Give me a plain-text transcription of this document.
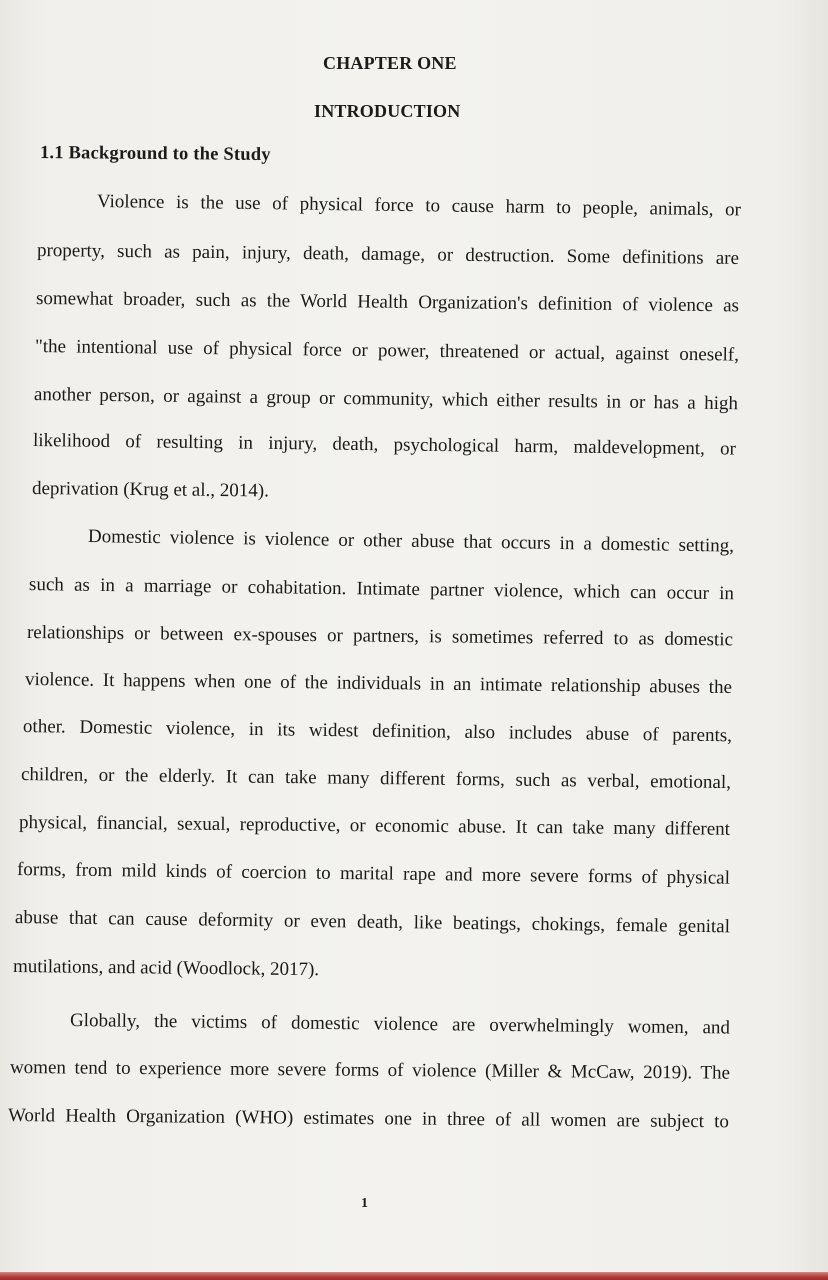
CHAPTER ONE
INTRODUCTION
1.1 Background to the Study
Violence is the use of physical force to cause harm to people, animals, or
property, such as pain, injury, death, damage, or destruction. Some definitions are
somewhat broader, such as the World Health Organization's definition of violence as
"the intentional use of physical force or power, threatened or actual, against oneself,
another person, or against a group or community, which either results in or has a high
likelihood of resulting in injury, death, psychological harm, maldevelopment, or
deprivation (Krug et al., 2014).
Domestic violence is violence or other abuse that occurs in a domestic setting,
such as in a marriage or cohabitation. Intimate partner violence, which can occur in
relationships or between ex-spouses or partners, is sometimes referred to as domestic
violence. It happens when one of the individuals in an intimate relationship abuses the
other. Domestic violence, in its widest definition, also includes abuse of parents,
children, or the elderly. It can take many different forms, such as verbal, emotional,
physical, financial, sexual, reproductive, or economic abuse. It can take many different
forms, from mild kinds of coercion to marital rape and more severe forms of physical
abuse that can cause deformity or even death, like beatings, chokings, female genital
mutilations, and acid (Woodlock, 2017).
Globally, the victims of domestic violence are overwhelmingly women, and
women tend to experience more severe forms of violence (Miller & McCaw, 2019). The
World Health Organization (WHO) estimates one in three of all women are subject to
1
